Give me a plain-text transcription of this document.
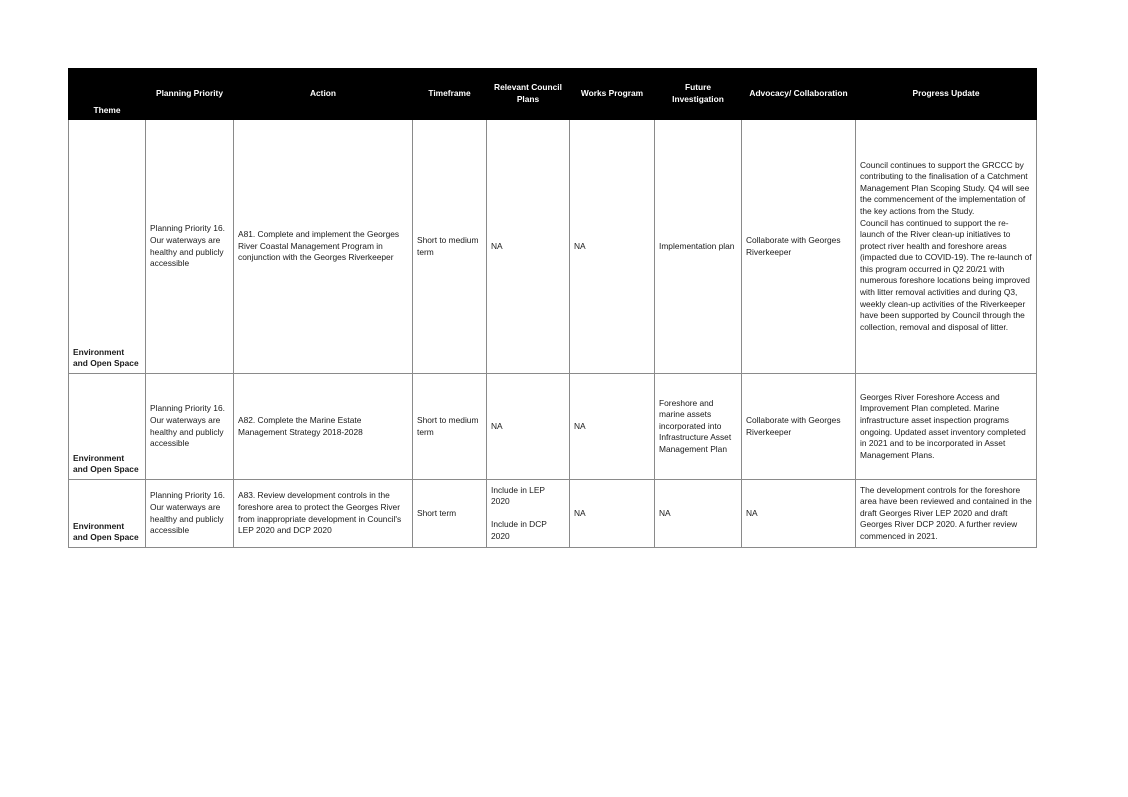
Theme	Planning Priority	Action	Timeframe	Relevant Council Plans	Works Program	Future Investigation	Advocacy/ Collaboration	Progress Update
Environment and Open Space	Planning Priority 16. Our waterways are healthy and publicly accessible	A81. Complete and implement the Georges River Coastal Management Program in conjunction with the Georges Riverkeeper	Short to medium term	NA	NA	Implementation plan	Collaborate with Georges Riverkeeper	Council continues to support the GRCCC by contributing to the finalisation of a Catchment Management Plan Scoping Study. Q4 will see the commencement of the implementation of the key actions from the Study.
Council has continued to support the re-launch of the River clean-up initiatives to protect river health and foreshore areas (impacted due to COVID-19). The re-launch of this program occurred in Q2 20/21 with numerous foreshore locations being improved with litter removal activities and during Q3, weekly clean-up activities of the Riverkeeper have been supported by Council through the collection, removal and disposal of litter.

Environment and Open Space	Planning Priority 16. Our waterways are healthy and publicly accessible	A82. Complete the Marine Estate Management Strategy 2018-2028	Short to medium term	NA	NA	Foreshore and marine assets incorporated into Infrastructure Asset Management Plan	Collaborate with Georges Riverkeeper	Georges River Foreshore Access and Improvement Plan completed. Marine infrastructure asset inspection programs ongoing. Updated asset inventory completed in 2021 and to be incorporated in Asset Management Plans.

Environment and Open Space	Planning Priority 16. Our waterways are healthy and publicly accessible	A83. Review development controls in the foreshore area to protect the Georges River from inappropriate development in Council's LEP 2020 and DCP 2020	Short term	Include in LEP 2020
Include in DCP 2020	NA	NA	NA	The development controls for the foreshore area have been reviewed and contained in the draft Georges River LEP 2020 and draft Georges River DCP 2020. A further review commenced in 2021.
